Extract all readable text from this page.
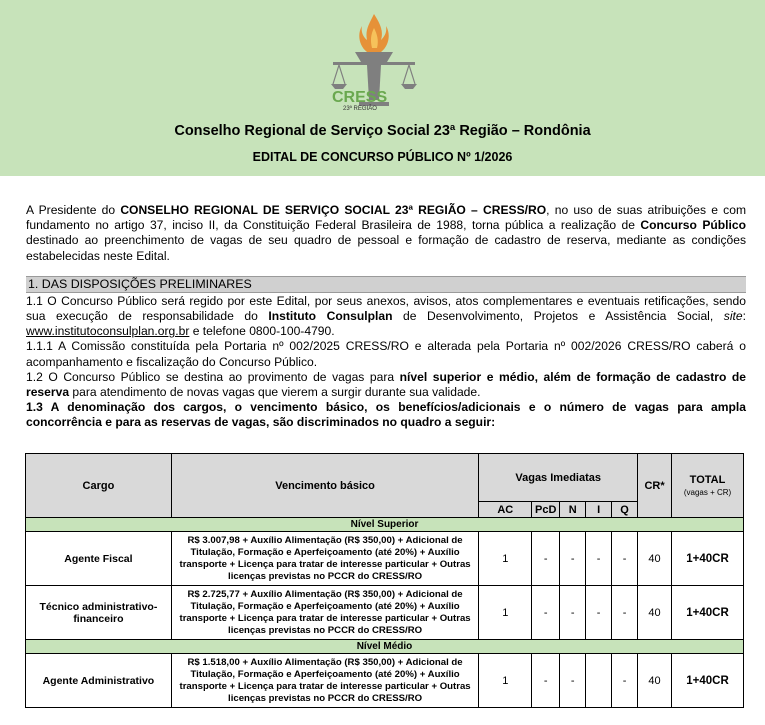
CRESS
23ª REGIÃO
Conselho Regional de Serviço Social 23ª Região – Rondônia
EDITAL DE CONCURSO PÚBLICO Nº 1/2026

A Presidente do CONSELHO REGIONAL DE SERVIÇO SOCIAL 23ª REGIÃO – CRESS/RO, no uso de suas atribuições e com fundamento no artigo 37, inciso II, da Constituição Federal Brasileira de 1988, torna pública a realização de Concurso Público destinado ao preenchimento de vagas de seu quadro de pessoal e formação de cadastro de reserva, mediante as condições estabelecidas neste Edital.

1. DAS DISPOSIÇÕES PRELIMINARES

1.1 O Concurso Público será regido por este Edital, por seus anexos, avisos, atos complementares e eventuais retificações, sendo sua execução de responsabilidade do Instituto Consulplan de Desenvolvimento, Projetos e Assistência Social, site: www.institutoconsulplan.org.br e telefone 0800-100-4790.

1.1.1 A Comissão constituída pela Portaria nº 002/2025 CRESS/RO e alterada pela Portaria nº 002/2026 CRESS/RO caberá o acompanhamento e fiscalização do Concurso Público.

1.2 O Concurso Público se destina ao provimento de vagas para nível superior e médio, além de formação de cadastro de reserva para atendimento de novas vagas que vierem a surgir durante sua validade.

1.3 A denominação dos cargos, o vencimento básico, os benefícios/adicionais e o número de vagas para ampla concorrência e para as reservas de vagas, são discriminados no quadro a seguir:

Cargo	Vencimento básico	Vagas Imediatas					CR*	TOTAL
(vagas + CR)
		AC	PcD	N	I	Q		
Nível Superior								
Agente Fiscal	R$ 3.007,98 + Auxílio Alimentação (R$ 350,00) + Adicional de Titulação, Formação e Aperfeiçoamento (até 20%) + Auxílio transporte + Licença para tratar de interesse particular + Outras licenças previstas no PCCR do CRESS/RO	1	-	-	-	-	40	1+40CR
Técnico administrativo-financeiro	R$ 2.725,77 + Auxílio Alimentação (R$ 350,00) + Adicional de Titulação, Formação e Aperfeiçoamento (até 20%) + Auxílio transporte + Licença para tratar de interesse particular + Outras licenças previstas no PCCR do CRESS/RO	1	-	-	-	-	40	1+40CR
Nível Médio								
Agente Administrativo	R$ 1.518,00 + Auxílio Alimentação (R$ 350,00) + Adicional de Titulação, Formação e Aperfeiçoamento (até 20%) + Auxílio transporte + Licença para tratar de interesse particular + Outras licenças previstas no PCCR do CRESS/RO	1	-	-		-	40	1+40CR
